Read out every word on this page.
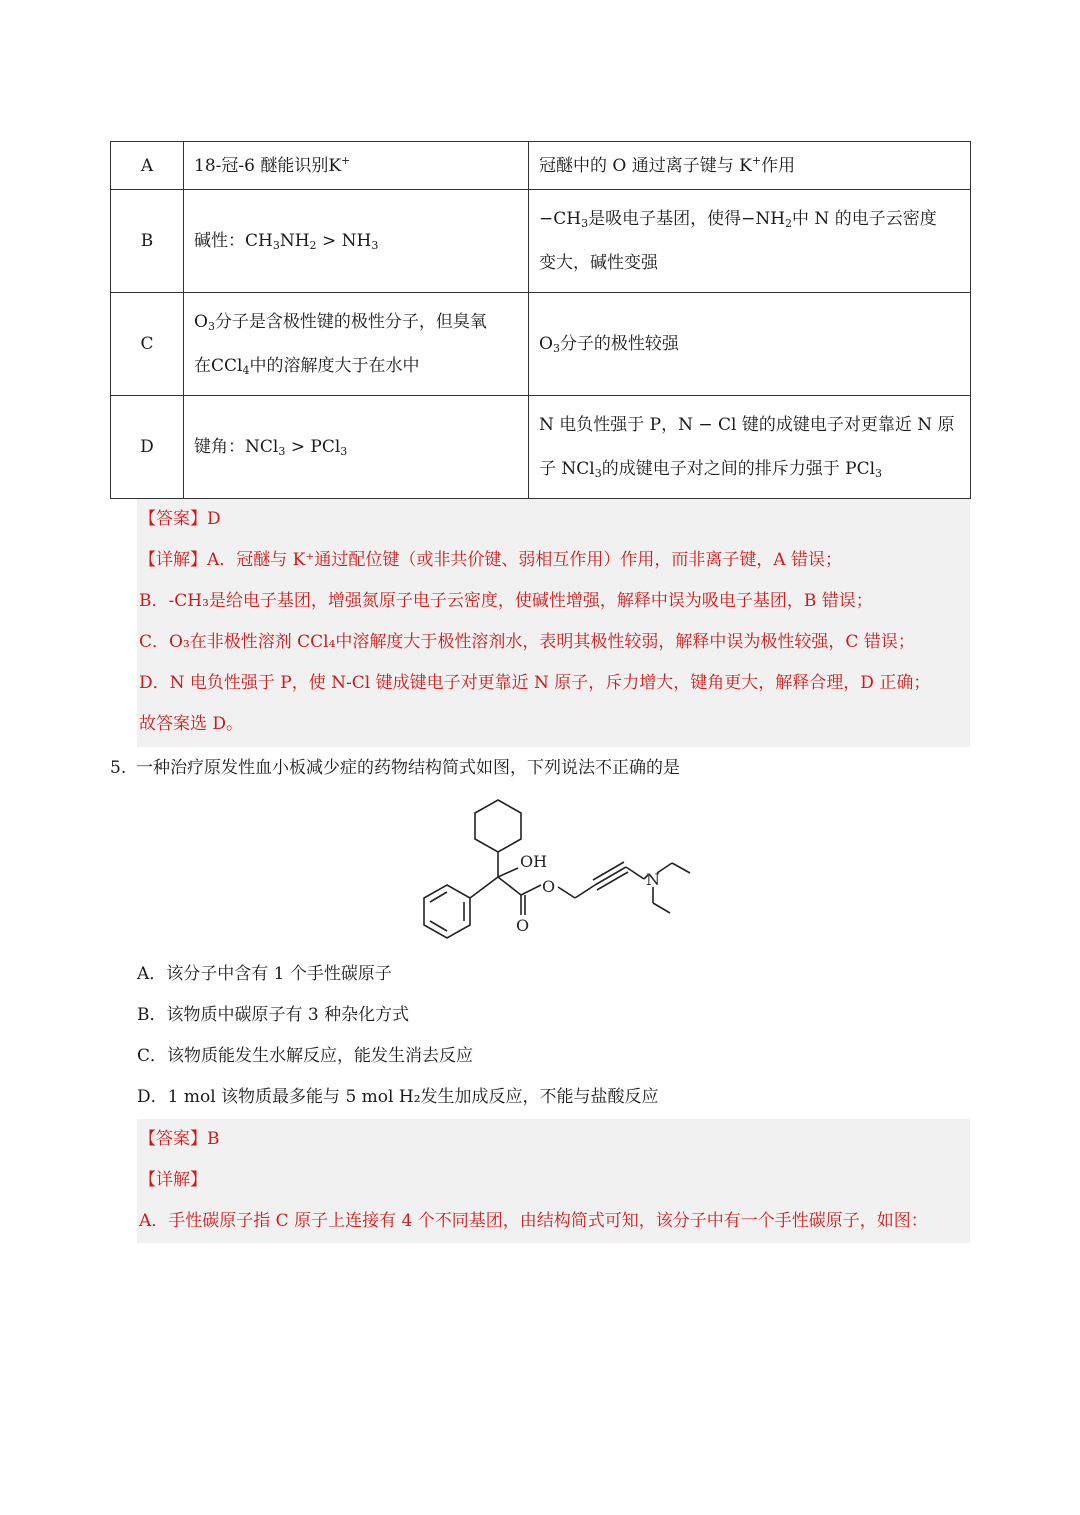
A	18-冠-6 醚能识别K+	冠醚中的 O 通过离子键与 K+作用
B	碱性：$CH_3NH_2 > NH_3$	$-CH_3$是吸电子基团，使得$-NH_2$中 N 的电子云密度
变大，碱性变强
C	$O_3$分子是含极性键的极性分子，但臭氧
在CCl$_4$中的溶解度大于在水中	$O_3$分子的极性较强
D	键角：NCl$_3$ > PCl$_3$	N 电负性强于 P，N − Cl 键的成键电子对更靠近 N 原
子 NCl$_3$的成键电子对之间的排斥力强于 PCl$_3$
【答案】D
【详解】A．冠醚与 K⁺通过配位键（或非共价键、弱相互作用）作用，而非离子键，A 错误；
B．-CH₃是给电子基团，增强氮原子电子云密度，使碱性增强，解释中误为吸电子基团，B 错误；
C．O₃在非极性溶剂 CCl₄中溶解度大于极性溶剂水，表明其极性较弱，解释中误为极性较强，C 错误；
D．N 电负性强于 P，使 N-Cl 键成键电子对更靠近 N 原子，斥力增大，键角更大，解释合理，D 正确；
故答案选 D。
5. 一种治疗原发性血小板减少症的药物结构简式如图，下列说法不正确的是
OH
O
O
N
A．该分子中含有 1 个手性碳原子
B．该物质中碳原子有 3 种杂化方式
C．该物质能发生水解反应，能发生消去反应
D．1 mol 该物质最多能与 5 mol H₂发生加成反应，不能与盐酸反应
【答案】B
【详解】
A．手性碳原子指 C 原子上连接有 4 个不同基团，由结构简式可知，该分子中有一个手性碳原子，如图：
